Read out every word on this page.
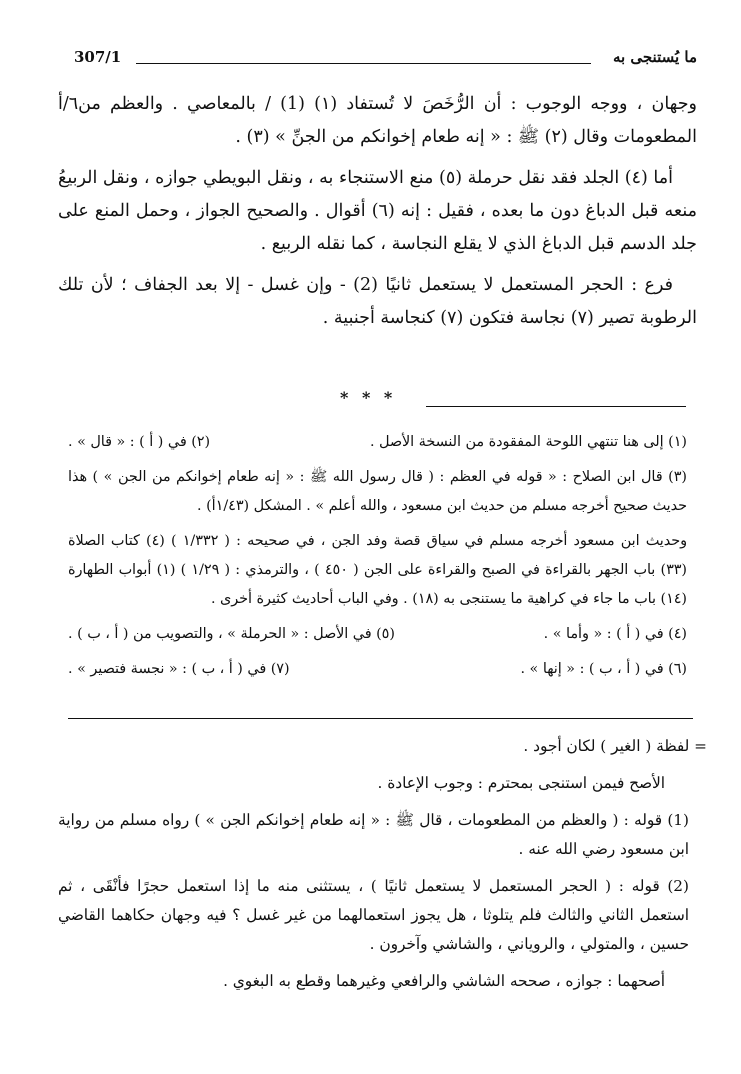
ما يُستنجى به
307/1

وجهان ، ووجه الوجوب : أن الرُّخَصَ لا تُستفاد (١) (1) / بالمعاصي . والعظم من٦/أ المطعومات وقال (٢) ﷺ : « إنه طعام إخوانكم من الجنِّ » (٣) .

أما (٤) الجلد فقد نقل حرملة (٥) منع الاستنجاء به ، ونقل البويطي جوازه ، ونقل الربيعُ منعه قبل الدباغ دون ما بعده ، فقيل : إنه (٦) أقوال . والصحيح الجواز ، وحمل المنع على جلد الدسم قبل الدباغ الذي لا يقلع النجاسة ، كما نقله الربيع .

فرع : الحجر المستعمل لا يستعمل ثانيًا (2) - وإن غسل - إلا بعد الجفاف ؛ لأن تلك الرطوبة تصير (٧) نجاسة فتكون (٧) كنجاسة أجنبية .

* * *
(١) إلى هنا تنتهي اللوحة المفقودة من النسخة الأصل .
(٢) في ( أ ) : « قال » .
(٣) قال ابن الصلاح : « قوله في العظم : ( قال رسول الله ﷺ : « إنه طعام إخوانكم من الجن » ) هذا حديث صحيح أخرجه مسلم من حديث ابن مسعود ، والله أعلم » . المشكل (١/٤٣أ) .
وحديث ابن مسعود أخرجه مسلم في سياق قصة وفد الجن ، في صحيحه : ( ١/٣٣٢ ) (٤) كتاب الصلاة (٣٣) باب الجهر بالقراءة في الصبح والقراءة على الجن ( ٤٥٠ ) ، والترمذي : ( ١/٢٩ ) (١) أبواب الطهارة (١٤) باب ما جاء في كراهية ما يستنجى به (١٨) . وفي الباب أحاديث كثيرة أخرى .
(٤) في ( أ ) : « وأما » .
(٥) في الأصل : « الحرملة » ، والتصويب من ( أ ، ب ) .
(٦) في ( أ ، ب ) : « إنها » .
(٧) في ( أ ، ب ) : « نجسة فتصير » .

= لفظة ( الغير ) لكان أجود .

الأصح فيمن استنجى بمحترم : وجوب الإعادة .

(1) قوله : ( والعظم من المطعومات ، قال ﷺ : « إنه طعام إخوانكم الجن » ) رواه مسلم من رواية ابن مسعود رضي الله عنه .

(2) قوله : ( الحجر المستعمل لا يستعمل ثانيًا ) ، يستثنى منه ما إذا استعمل حجرًا فأنْقَى ، ثم استعمل الثاني والثالث فلم يتلوثا ، هل يجوز استعمالهما من غير غسل ؟ فيه وجهان حكاهما القاضي حسين ، والمتولي ، والروياني ، والشاشي وآخرون .

أصحهما : جوازه ، صححه الشاشي والرافعي وغيرهما وقطع به البغوي .
